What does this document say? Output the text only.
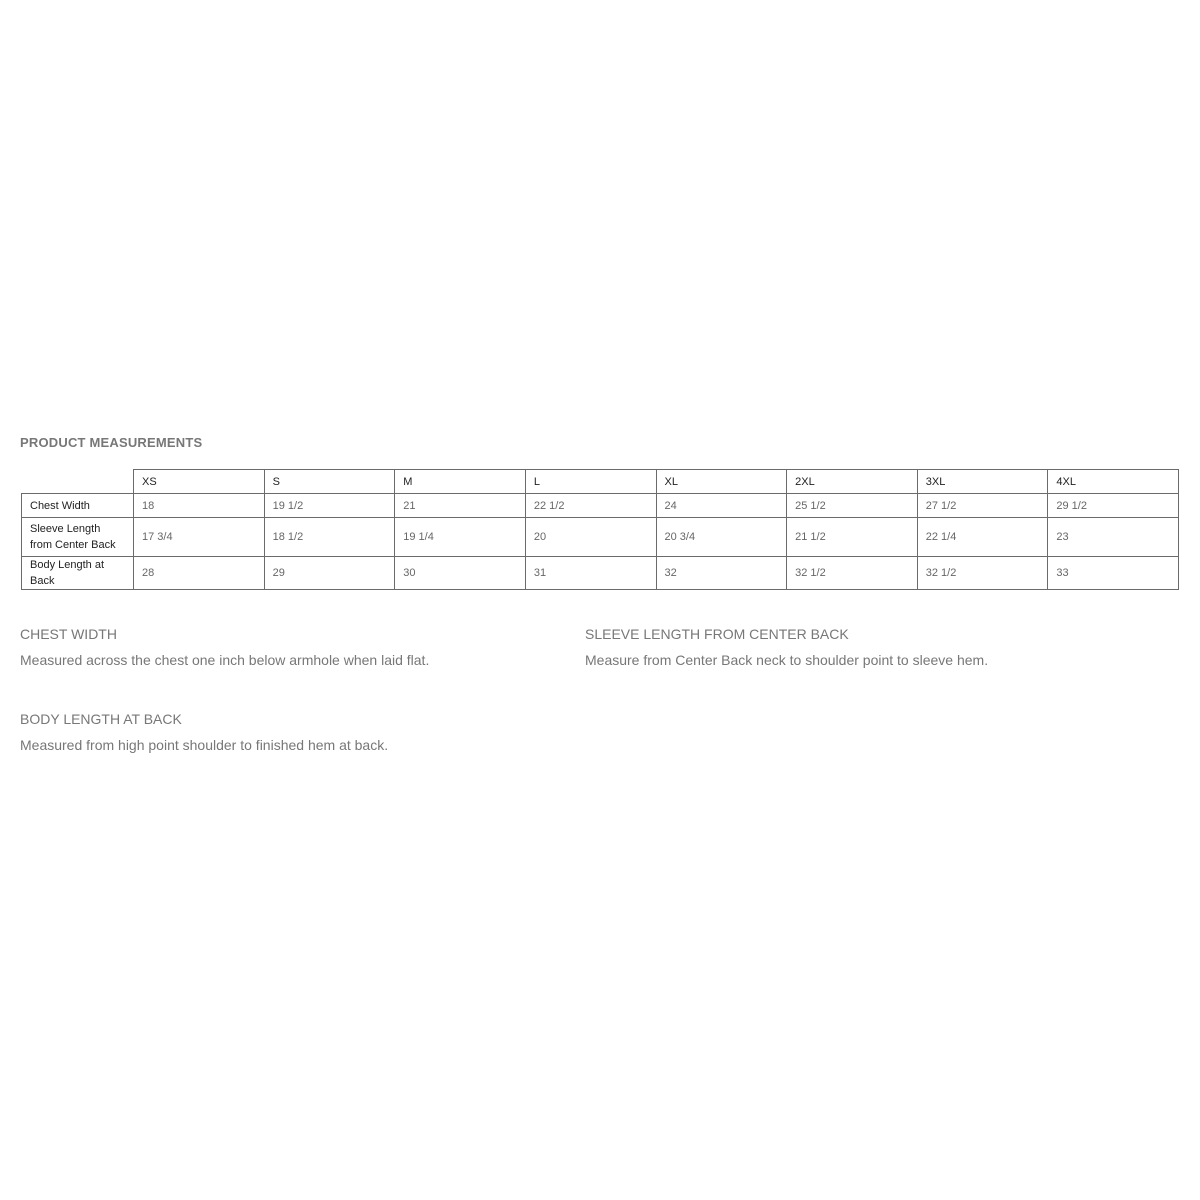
PRODUCT MEASUREMENTS
	XS	S	M	L	XL	2XL	3XL	4XL
Chest Width	18	19 1/2	21	22 1/2	24	25 1/2	27 1/2	29 1/2
Sleeve Length from Center Back	17 3/4	18 1/2	19 1/4	20	20 3/4	21 1/2	22 1/4	23
Body Length at Back	28	29	30	31	32	32 1/2	32 1/2	33

CHEST WIDTH

Measured across the chest one inch below armhole when laid flat.

SLEEVE LENGTH FROM CENTER BACK

Measure from Center Back neck to shoulder point to sleeve hem.

BODY LENGTH AT BACK

Measured from high point shoulder to finished hem at back.
